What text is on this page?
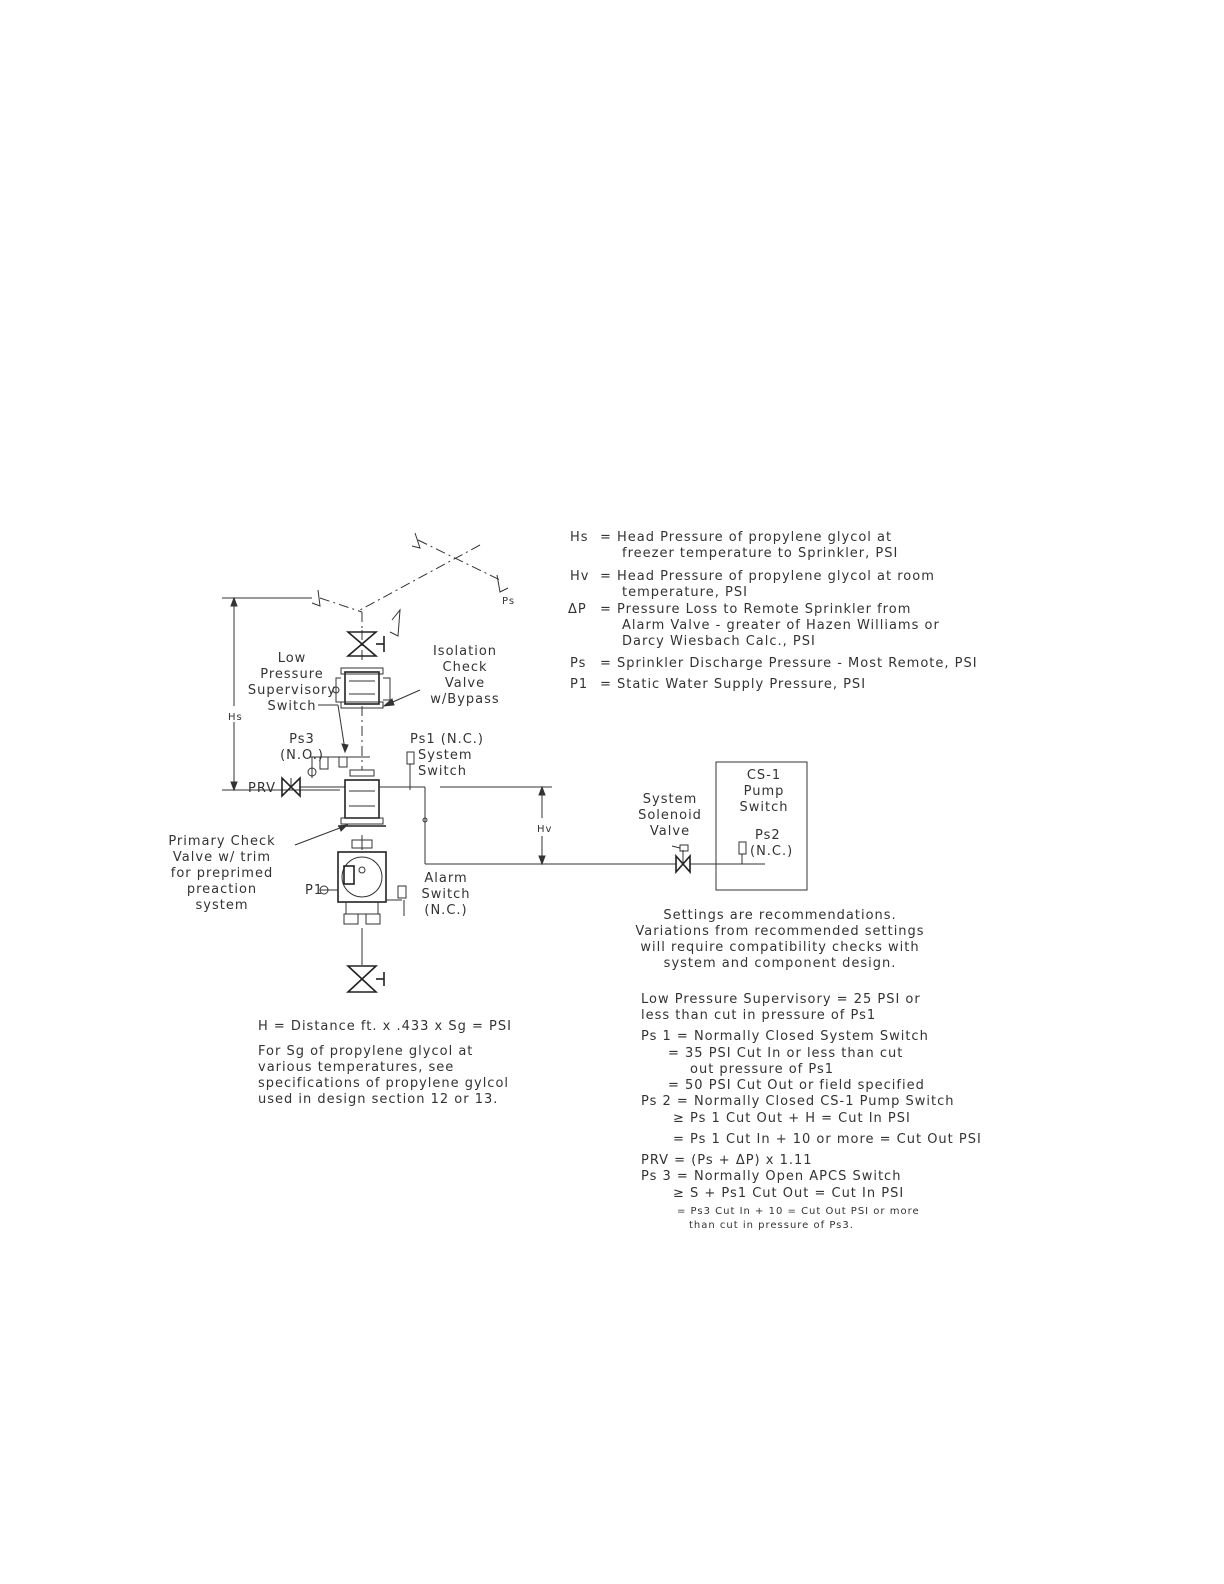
Ps
Hs
Hv
Low
Pressure
Supervisory
Switch
Isolation
Check
Valve
w/Bypass
Ps3
(N.O.)
Ps1 (N.C.)
System
Switch
PRV
Primary Check
Valve w/ trim
for preprimed
preaction
system
P1
Alarm
Switch
(N.C.)
System
Solenoid
Valve
CS-1
Pump
Switch
Ps2
(N.C.)
Hs = Head Pressure of propylene glycol at
freezer temperature to Sprinkler, PSI
Hv = Head Pressure of propylene glycol at room
temperature, PSI
ΔP = Pressure Loss to Remote Sprinkler from
Alarm Valve - greater of Hazen Williams or
Darcy Wiesbach Calc., PSI
Ps = Sprinkler Discharge Pressure - Most Remote, PSI
P1 = Static Water Supply Pressure, PSI
Settings are recommendations.
Variations from recommended settings
will require compatibility checks with
system and component design.
H = Distance ft. x .433 x Sg = PSI
For Sg of propylene glycol at
various temperatures, see
specifications of propylene gylcol
used in design section 12 or 13.
Low Pressure Supervisory = 25 PSI or
less than cut in pressure of Ps1
Ps 1 = Normally Closed System Switch
= 35 PSI Cut In or less than cut
out pressure of Ps1
= 50 PSI Cut Out or field specified
Ps 2 = Normally Closed CS-1 Pump Switch
≥ Ps 1 Cut Out + H = Cut In PSI
= Ps 1 Cut In + 10 or more = Cut Out PSI
PRV = (Ps + ΔP) x 1.11
Ps 3 = Normally Open APCS Switch
≥ S + Ps1 Cut Out = Cut In PSI
= Ps3 Cut In + 10 = Cut Out PSI or more
than cut in pressure of Ps3.
